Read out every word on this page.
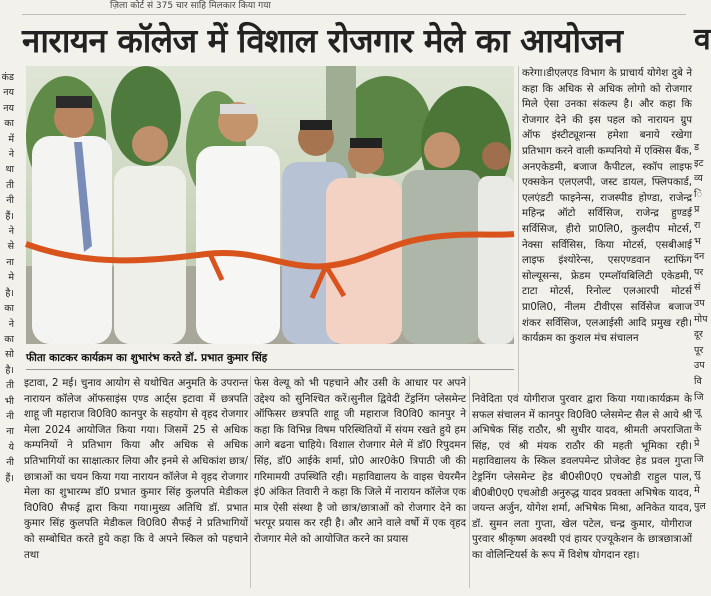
ज़िला कोर्ट सं 375 चार साहि मिलकार किया गया
नारायन कॉलेज में विशाल रोजगार मेले का आयोजन
कंड
नय
नय
का
में
ने
था
ती
नी
हैं।
ने
से
ना
मे
है।
का
ने
का
सो
है।
ती
भी
नी
ना
ये
नी
हैं।
व
ड
इट
व्य
ि
प्र
रा
भ
दन
पर
सं
उप
मोप
दूर
पूर
उप
वि
जि
जू
के
प्रे
जि
सु
मे
पुल
फीता काटकर कार्यक्रम का शुभारंभ करते डॉ. प्रभात कुमार सिंह

इटावा, 2 मई। चुनाव आयोग से यथोचित अनुमति के उपरान्त नारायन कॉलेज ऑफसाइंस एण्ड आर्ट्स इटावा में छत्रपति शाहू जी महाराज वि0वि0 कानपुर के सहयोग से वृहद रोजगार मेला 2024 आयोजित किया गया। जिसमें 25 से अधिक कम्पनियों ने प्रतिभाग किया और अधिक से अधिक प्रतिभागियों का साक्षात्कार लिया और इनमे से अधिकांश छात्र/छात्राओं का चयन किया गया नारायन कॉलेज मे वृहद रोजगार मेला का शुभारम्भ डॉ0 प्रभात कुमार सिंह कुलपति मेडीकल वि0वि0 सैफई द्वारा किया गया।मुख्य अतिथि डॉ. प्रभात कुमार सिंह कुलपति मेडीकल वि0वि0 सैफई ने प्रतिभागियों को सम्बोधित करते हुये कहा कि वे अपने स्किल को पहचाने तथा

फेस वेल्यू को भी पहचाने और उसी के आधार पर अपने उद्देश्य को सुनिश्चित करें।सुनील द्विवेदी टेंड्रनिंग प्लेसमेन्ट ऑफिसर छत्रपति शाहू जी महाराज वि0वि0 कानपुर ने कहा कि विभिन्न विषम परिस्थितियों में संयम रखते हुये हम आगे बढना चाहिये। विशाल रोजगार मेले में डॉ0 रिपुदमन सिंह, डॉ0 आईके शर्मा, प्रो0 आर0के0 त्रिपाठी जी की गरिमामयी उपस्थिति रही। महाविद्यालय के वाइस चेयरमैन इं0 अंकित तिवारी ने कहा कि जिले में नारायन कॉलेज एक मात्र ऐसी संस्था है जो छात्र/छात्राओं को रोजगार देने का भरपूर प्रयास कर रही है। और आने वाले वर्षो में एक वृहद रोजगार मेले को आयोजित करने का प्रयास

करेगा।डीएलएड विभाग के प्राचार्य योगेश दुबे ने कहा कि अधिक से अधिक लोगो को रोजगार मिले ऐसा उनका संकल्प है। और कहा कि रोजगार देने की इस पहल को नारायन ग्रुप ऑफ इंस्टीट्यूशन्स हमेशा बनाये रखेगा प्रतिभाग करने वाली कम्पनियो में एक्सिस बैंक, अनएकेडमी, बजाज कैपीटल, स्कॉप लाइफ एक्सकेन एलएलपी, जस्ट डायल, फ्लिपकार्ड, एलएंडटी फाइनेन्स, राजस्पीड होण्डा, राजेन्द्र महिन्द्र ऑटो सर्विसिज, राजेन्द्र हुण्डई सर्विसिज, हीरो प्रा0लि0, कुलदीप मोटर्स, नेक्सा सर्विसिस, किया मोटर्स, एसबीआई लाइफ इंश्योरेन्स, एसएण्डवान स्टाफिंग सोल्यूसन्स, फ्रेडम एम्प्लॉयबिलिटी एकेडमी, टाटा मोटर्स, रिनोल्ट एलआरपी मोटर्स प्रा0लि0, नीलम टीवीएस सर्विसेज बजाज शंकर सर्विसिज, एलआईसी आदि प्रमुख रही। कार्यक्रम का कुशल मंच संचालन

निवेदिता एवं योगीराज पुरवार द्वारा किया गया।कार्यक्रम के सफल संचालन में कानपुर वि0वि0 प्लेसमेन्ट सैल से आये श्री अभिषेक सिंह राठौर, श्री सुधीर यादव, श्रीमती अपराजिता सिंह, एवं श्री मंयक राठौर की महती भूमिका रही।महाविद्यालय के स्किल डवलपमेन्ट प्रोजेक्ट हेड प्रवल गुप्ता टेड्रनिंग प्लेसमेन्ट हेड बी0सी0ए0 एचओडी राहुल पाल, बी0बी0ए0 एचओडी अनुरुद्ध यादव प्रवक्ता अभिषेक यादव, जयन्त अर्जुन, योगेश शर्मा, अभिषेक मिश्रा, अनिकेत यादव, डॉ. सुमन लता गुप्ता, खेल पटेल, चन्द्र कुमार, योगीराज पुरवार श्रीकृष्ण अवस्थी एवं हायर एज्यूकेशन के छात्रछात्राओं का वोलिन्टियर्स के रूप में विशेष योगदान रहा।
